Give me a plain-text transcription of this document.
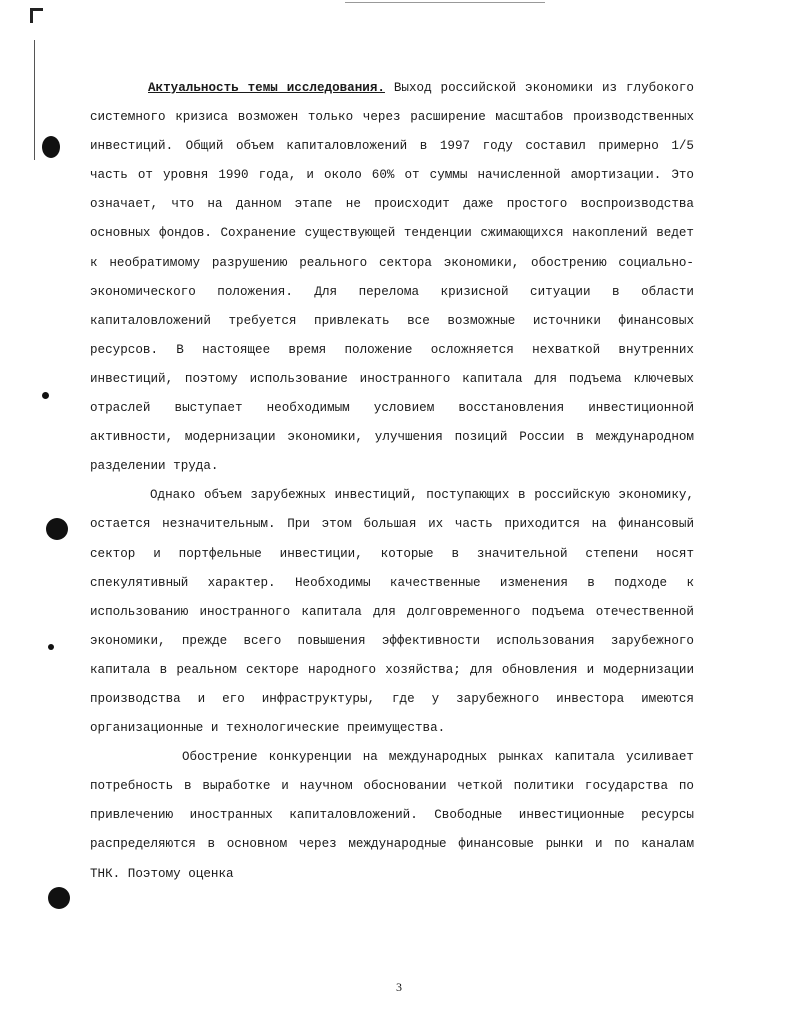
Актуальность темы исследования. Выход российской экономики из глубокого системного кризиса возможен только через расширение масштабов производственных инвестиций. Общий объем капиталовложений в 1997 году составил примерно 1/5 часть от уровня 1990 года, и около 60% от суммы начисленной амортизации. Это означает, что на данном этапе не происходит даже простого воспроизводства основных фондов. Сохранение существующей тенденции сжимающихся накоплений ведет к необратимому разрушению реального сектора экономики, обострению социально-экономического положения. Для перелома кризисной ситуации в области капиталовложений требуется привлекать все возможные источники финансовых ресурсов. В настоящее время положение осложняется нехваткой внутренних инвестиций, поэтому использование иностранного капитала для подъема ключевых отраслей выступает необходимым условием восстановления инвестиционной активности, модернизации экономики, улучшения позиций России в международном разделении труда.

Однако объем зарубежных инвестиций, поступающих в российскую экономику, остается незначительным. При этом большая их часть приходится на финансовый сектор и портфельные инвестиции, которые в значительной степени носят спекулятивный характер. Необходимы качественные изменения в подходе к использованию иностранного капитала для долговременного подъема отечественной экономики, прежде всего повышения эффективности использования зарубежного капитала в реальном секторе народного хозяйства; для обновления и модернизации производства и его инфраструктуры, где у зарубежного инвестора имеются организационные и технологические преимущества.

Обострение конкуренции на международных рынках капитала усиливает потребность в выработке и научном обосновании четкой политики государства по привлечению иностранных капиталовложений. Свободные инвестиционные ресурсы распределяются в основном через международные финансовые рынки и по каналам ТНК. Поэтому оценка

3
